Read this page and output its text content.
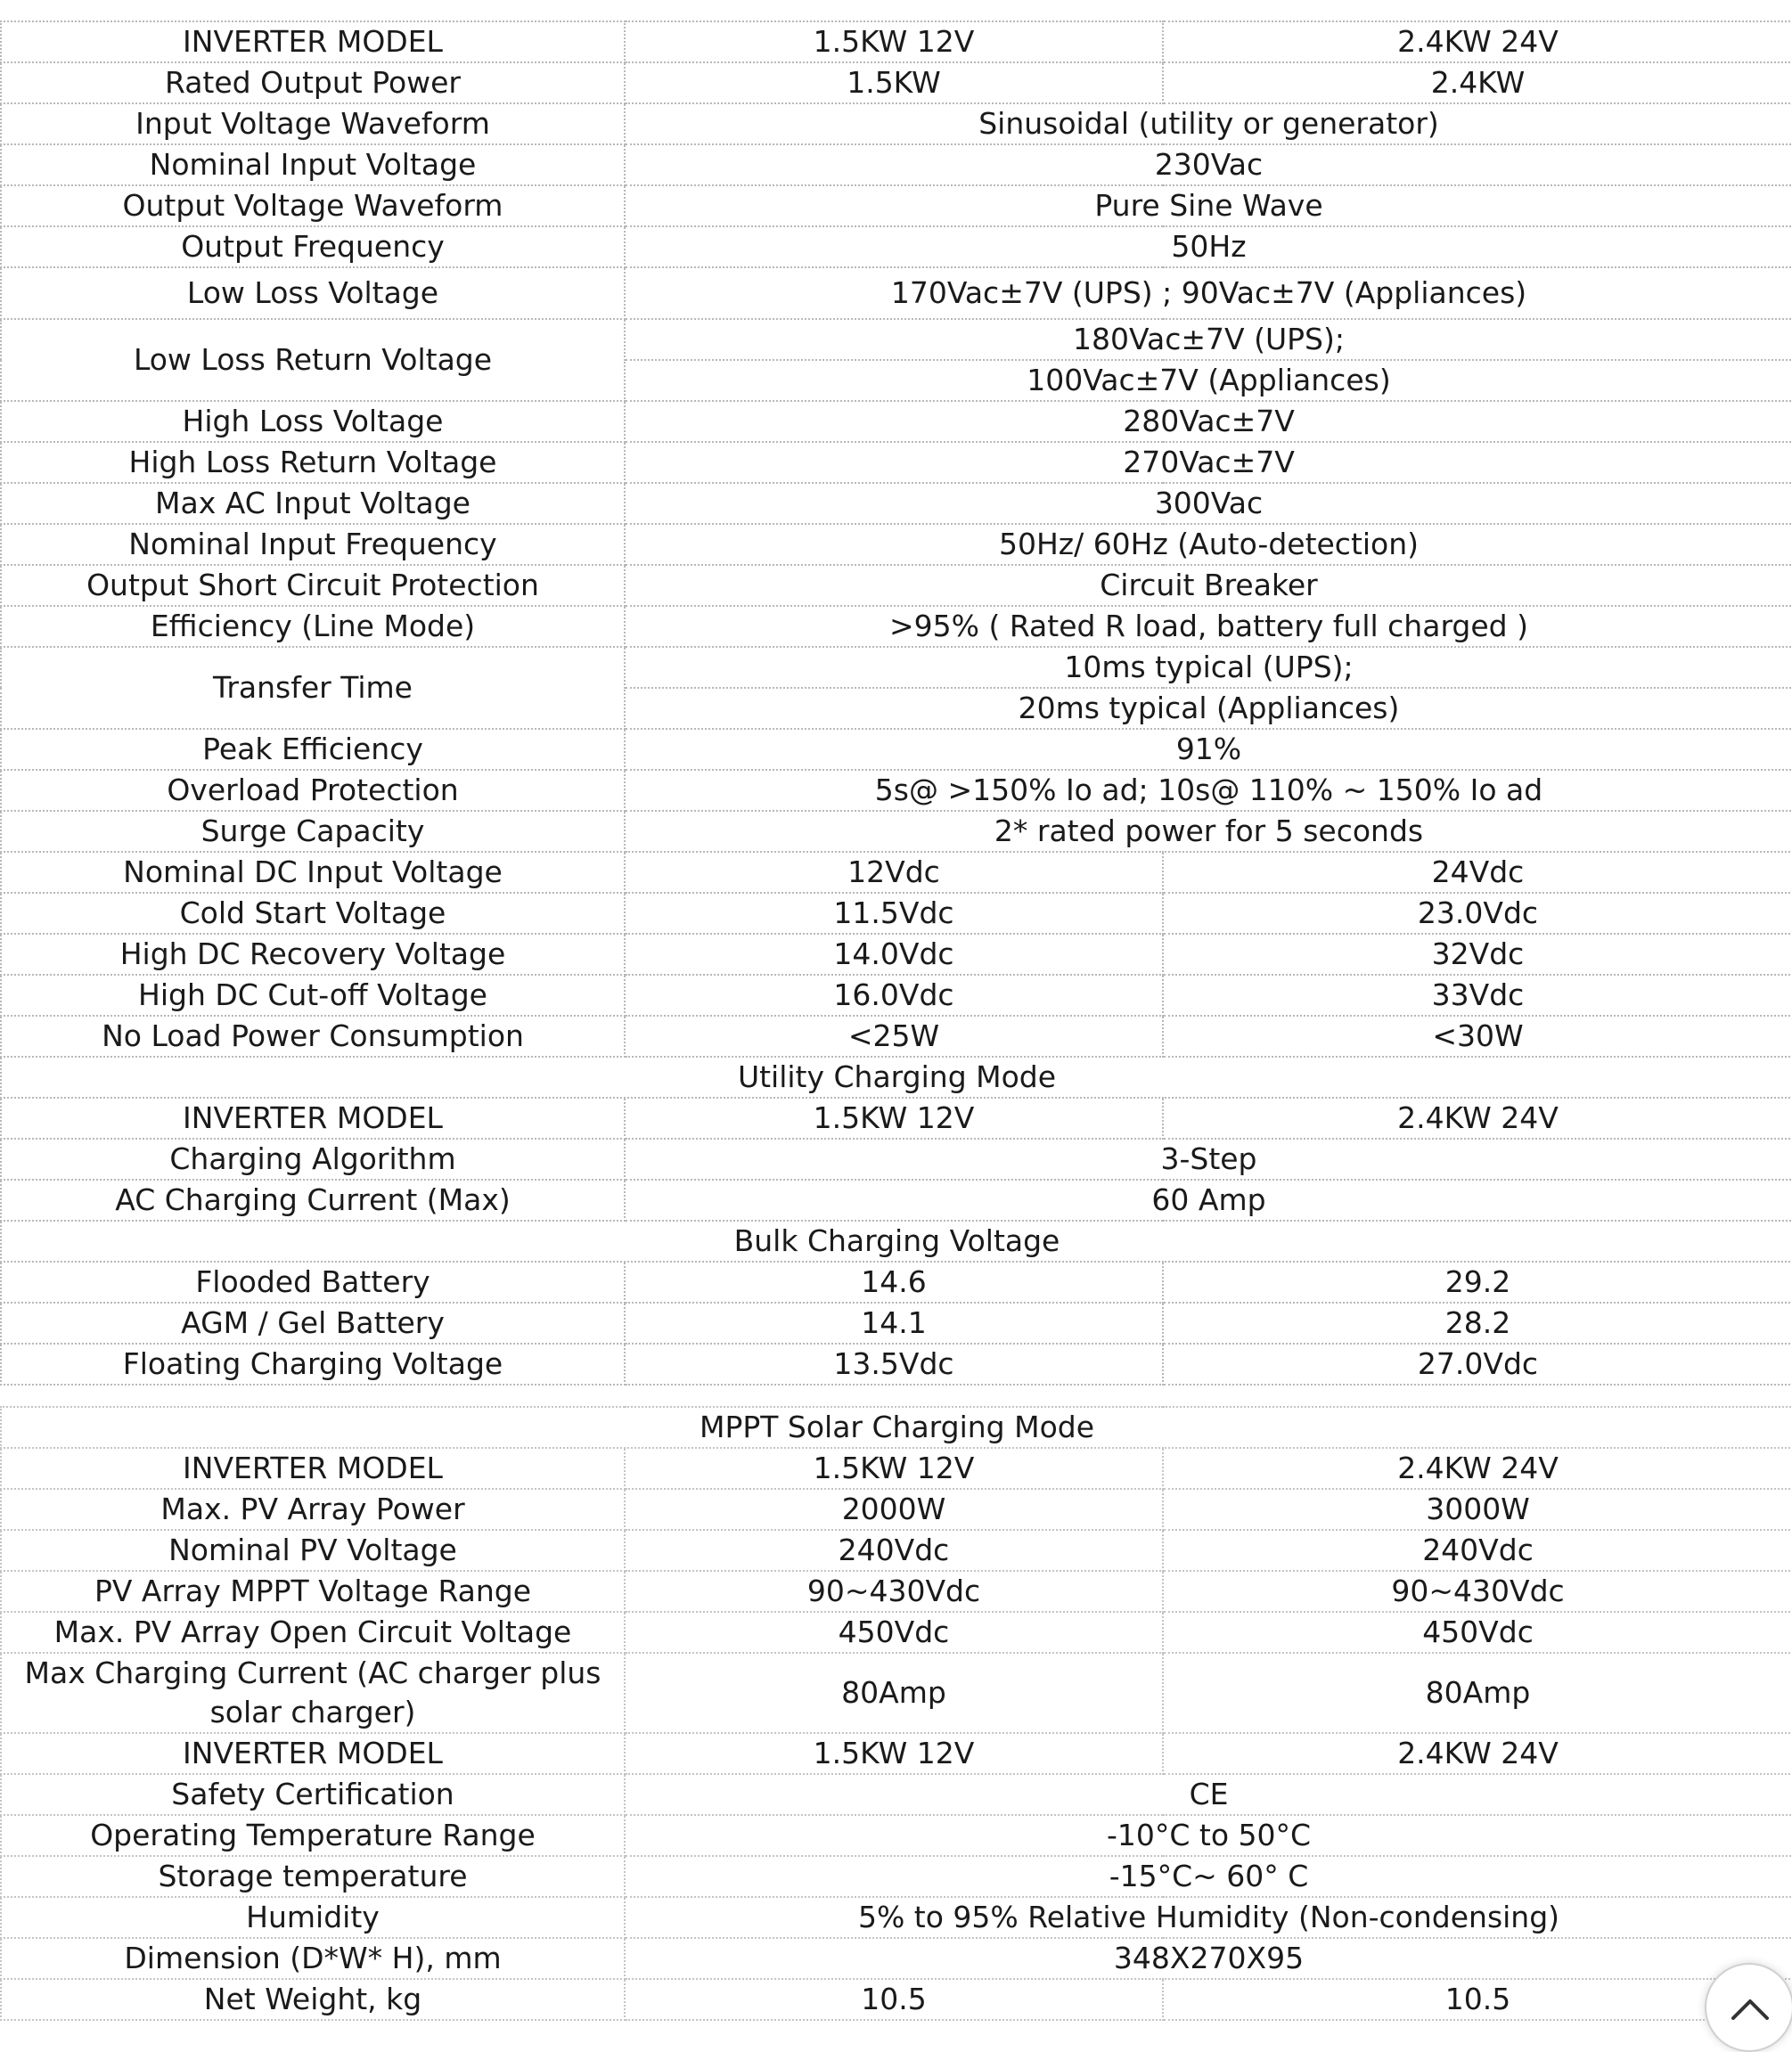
INVERTER MODEL	1.5KW 12V	2.4KW 24V
Rated Output Power	1.5KW	2.4KW
Input Voltage Waveform	Sinusoidal (utility or generator)	
Nominal Input Voltage	230Vac	
Output Voltage Waveform	Pure Sine Wave	
Output Frequency	50Hz	
Low Loss Voltage	170Vac±7V (UPS) ; 90Vac±7V (Appliances)	
Low Loss Return Voltage	180Vac±7V (UPS);	
	100Vac±7V (Appliances)	
High Loss Voltage	280Vac±7V	
High Loss Return Voltage	270Vac±7V	
Max AC Input Voltage	300Vac	
Nominal Input Frequency	50Hz/ 60Hz (Auto-detection)	
Output Short Circuit Protection	Circuit Breaker	
Efficiency (Line Mode)	>95% ( Rated R load, battery full charged )	
Transfer Time	10ms typical (UPS);	
	20ms typical (Appliances)	
Peak Efficiency	91%	
Overload Protection	5s@ >150% Io ad; 10s@ 110% ~ 150% Io ad	
Surge Capacity	2* rated power for 5 seconds	
Nominal DC Input Voltage	12Vdc	24Vdc
Cold Start Voltage	11.5Vdc	23.0Vdc
High DC Recovery Voltage	14.0Vdc	32Vdc
High DC Cut-off Voltage	16.0Vdc	33Vdc
No Load Power Consumption	<25W	<30W
Utility Charging Mode		
INVERTER MODEL	1.5KW 12V	2.4KW 24V
Charging Algorithm	3-Step	
AC Charging Current (Max)	60 Amp	
Bulk Charging Voltage		
Flooded Battery	14.6	29.2
AGM / Gel Battery	14.1	28.2
Floating Charging Voltage	13.5Vdc	27.0Vdc
MPPT Solar Charging Mode		
INVERTER MODEL	1.5KW 12V	2.4KW 24V
Max. PV Array Power	2000W	3000W
Nominal PV Voltage	240Vdc	240Vdc
PV Array MPPT Voltage Range	90~430Vdc	90~430Vdc
Max. PV Array Open Circuit Voltage	450Vdc	450Vdc
Max Charging Current (AC charger plus solar charger)	80Amp	80Amp
INVERTER MODEL	1.5KW 12V	2.4KW 24V
Safety Certification	CE	
Operating Temperature Range	-10°C to 50°C	
Storage temperature	-15°C~ 60° C	
Humidity	5% to 95% Relative Humidity (Non-condensing)	
Dimension (D*W* H), mm	348X270X95	
Net Weight, kg	10.5	10.5
